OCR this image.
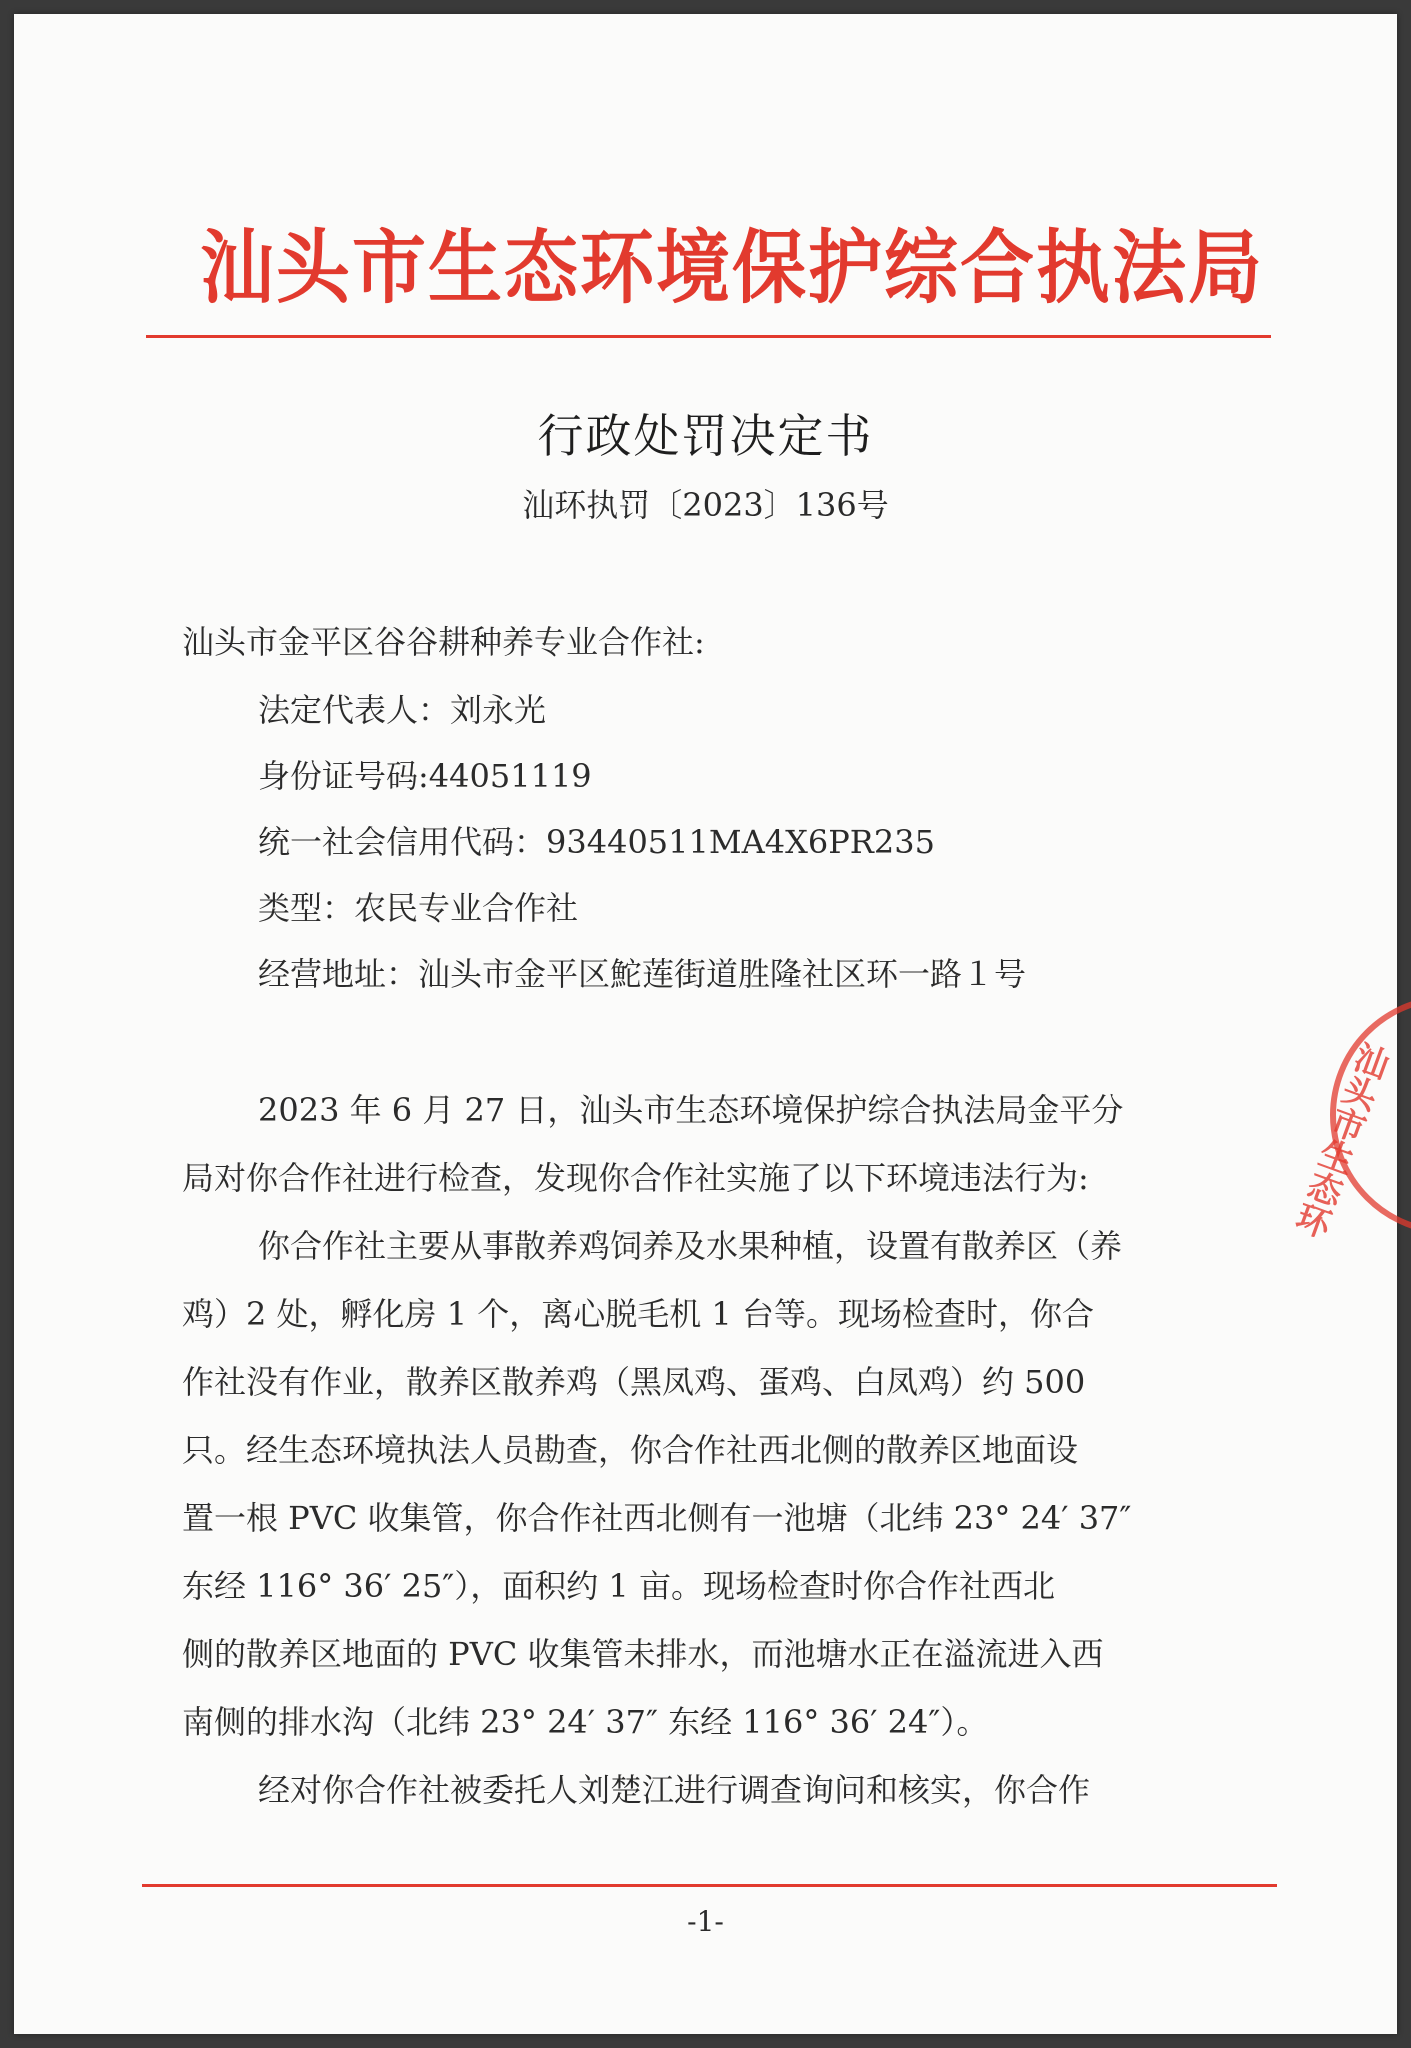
汕头市生态环境保护综合执法局
行政处罚决定书
汕环执罚〔2023〕136号
汕头市金平区谷谷耕种养专业合作社:
法定代表人：刘永光
身份证号码:44051119
统一社会信用代码：93440511MA4X6PR235
类型：农民专业合作社
经营地址：汕头市金平区鮀莲街道胜隆社区环一路１号
2023 年 6 月 27 日，汕头市生态环境保护综合执法局金平分
局对你合作社进行检查，发现你合作社实施了以下环境违法行为:
你合作社主要从事散养鸡饲养及水果种植，设置有散养区（养
鸡）2 处，孵化房 1 个，离心脱毛机 1 台等。现场检查时，你合
作社没有作业，散养区散养鸡（黑凤鸡、蛋鸡、白凤鸡）约 500
只。经生态环境执法人员勘查，你合作社西北侧的散养区地面设
置一根 PVC 收集管，你合作社西北侧有一池塘（北纬 23° 24′ 37″
东经 116° 36′ 25″），面积约 1 亩。现场检查时你合作社西北
侧的散养区地面的 PVC 收集管未排水，而池塘水正在溢流进入西
南侧的排水沟（北纬 23° 24′ 37″ 东经 116° 36′ 24″）。
经对你合作社被委托人刘楚江进行调查询问和核实，你合作
汕头市生态环
-1-
